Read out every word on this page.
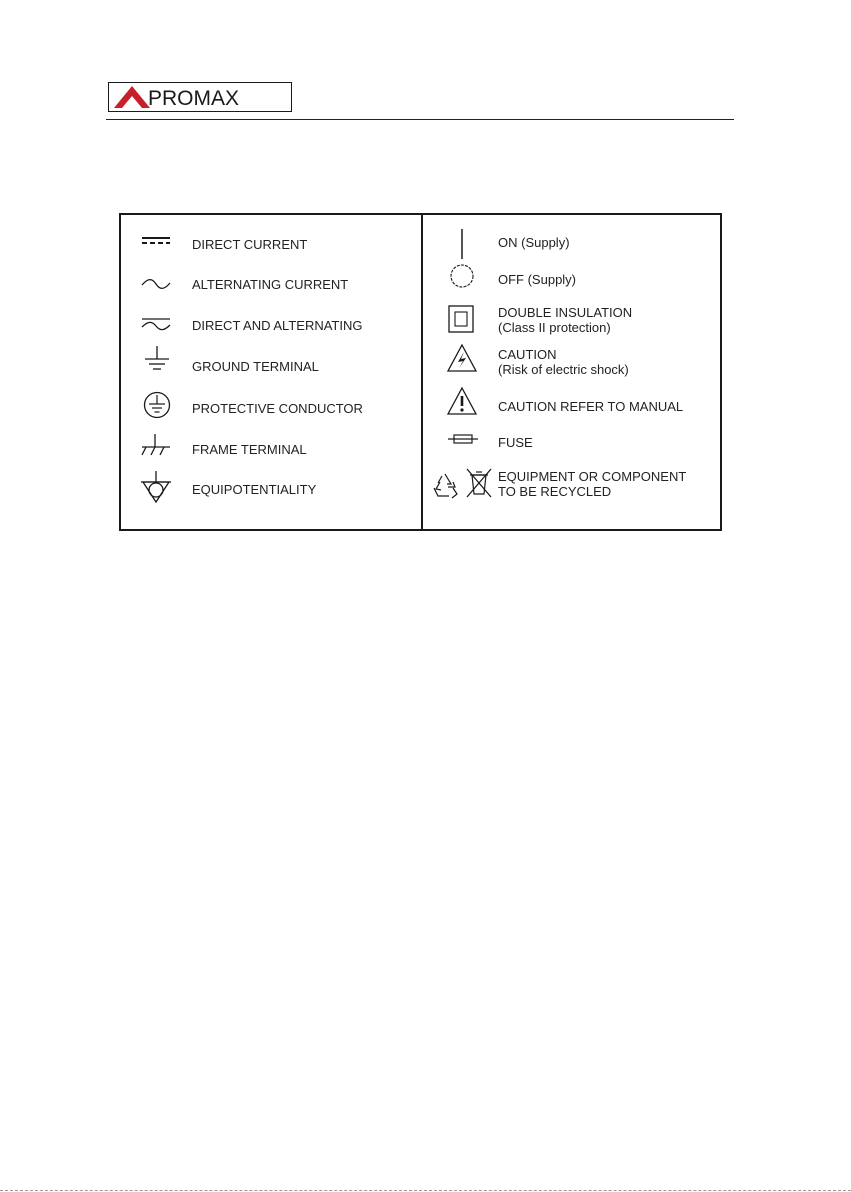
PROMAX
DIRECT CURRENT
ALTERNATING CURRENT
DIRECT AND ALTERNATING
GROUND TERMINAL
PROTECTIVE CONDUCTOR
FRAME TERMINAL
EQUIPOTENTIALITY
ON (Supply)
OFF (Supply)
DOUBLE INSULATION
(Class II protection)
CAUTION
(Risk of electric shock)
CAUTION REFER TO MANUAL
FUSE
EQUIPMENT OR COMPONENT
TO BE RECYCLED
